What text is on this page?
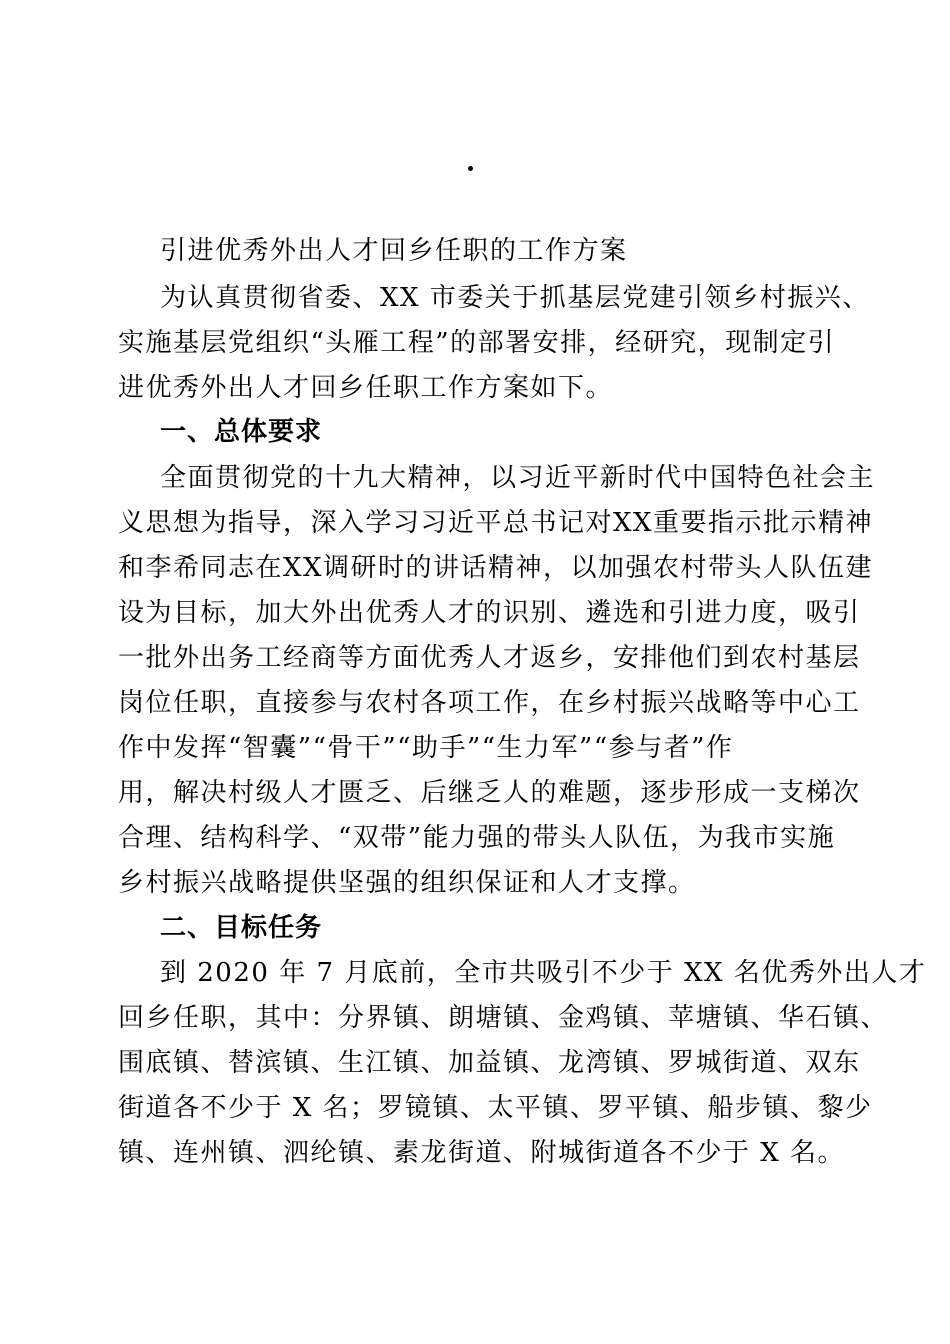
引进优秀外出人才回乡任职的工作方案
为认真贯彻省委、XX 市委关于抓基层党建引领乡村振兴、
实施基层党组织“头雁工程”的部署安排，经研究，现制定引
进优秀外出人才回乡任职工作方案如下。
一、总体要求
全面贯彻党的十九大精神，以习近平新时代中国特色社会主
义思想为指导，深入学习习近平总书记对XX重要指示批示精神
和李希同志在XX调研时的讲话精神，以加强农村带头人队伍建
设为目标，加大外出优秀人才的识别、遴选和引进力度，吸引
一批外出务工经商等方面优秀人才返乡，安排他们到农村基层
岗位任职，直接参与农村各项工作，在乡村振兴战略等中心工
作中发挥“智囊”“骨干”“助手”“生力军”“参与者”作
用，解决村级人才匮乏、后继乏人的难题，逐步形成一支梯次
合理、结构科学、“双带”能力强的带头人队伍，为我市实施
乡村振兴战略提供坚强的组织保证和人才支撑。
二、目标任务
到 2020 年 7 月底前，全市共吸引不少于 XX 名优秀外出人才
回乡任职，其中：分界镇、朗塘镇、金鸡镇、苹塘镇、华石镇、
围底镇、替滨镇、生江镇、加益镇、龙湾镇、罗城街道、双东
街道各不少于 X 名；罗镜镇、太平镇、罗平镇、船步镇、黎少
镇、连州镇、泗纶镇、素龙街道、附城街道各不少于 X 名。
